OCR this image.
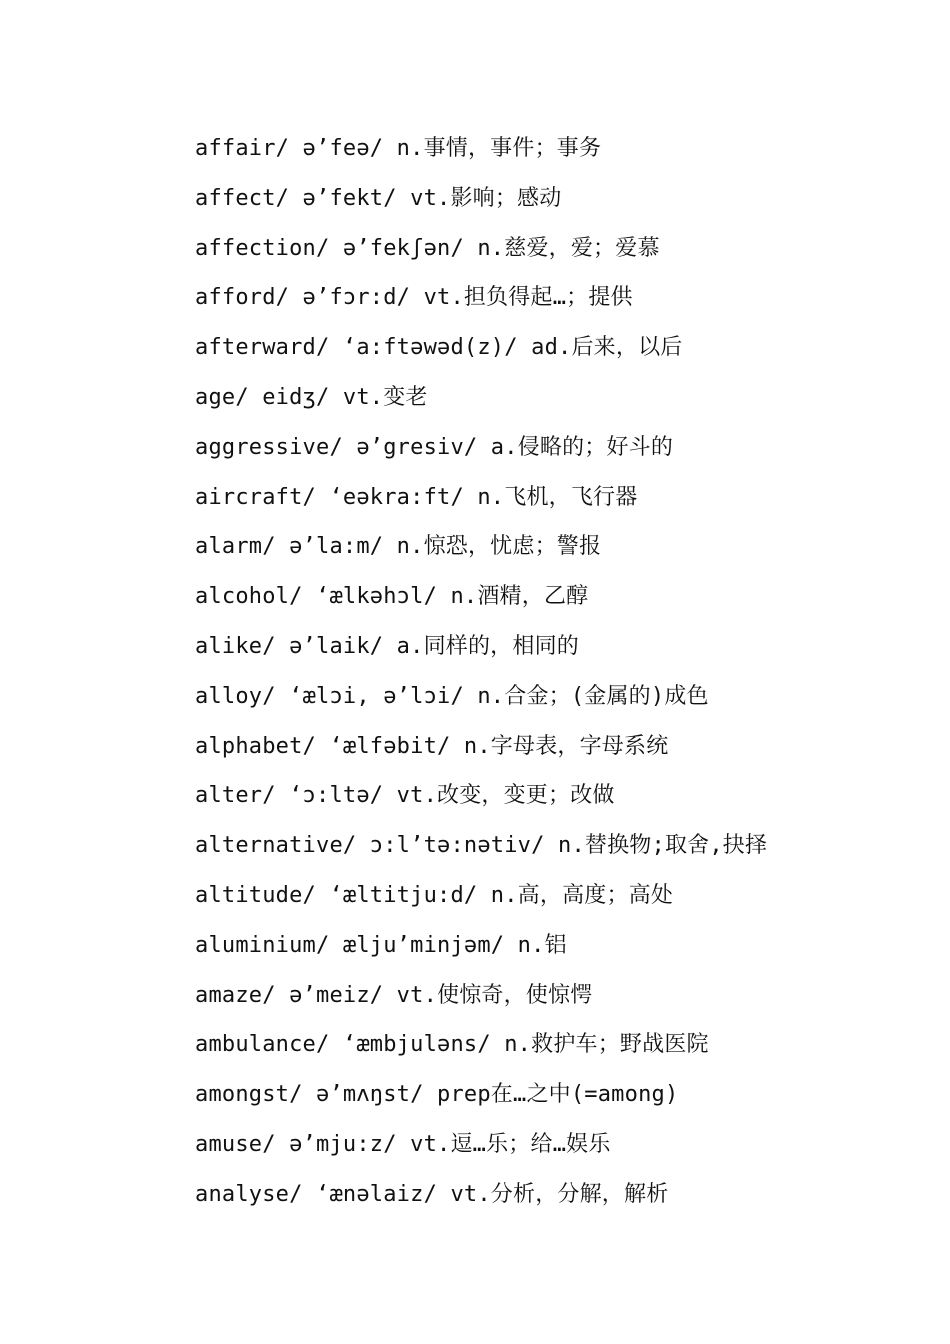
affair/ ə’feə/ n.事情，事件；事务
affect/ ə’fekt/ vt.影响；感动
affection/ ə’fekʃən/ n.慈爱，爱；爱慕
afford/ ə’fɔr:d/ vt.担负得起…；提供
afterward/ ‘a:ftəwəd(z)/ ad.后来，以后
age/ eidʒ/ vt.变老
aggressive/ ə’gresiv/ a.侵略的；好斗的
aircraft/ ‘eəkra:ft/ n.飞机，飞行器
alarm/ ə’la:m/ n.惊恐，忧虑；警报
alcohol/ ‘ælkəhɔl/ n.酒精，乙醇
alike/ ə’laik/ a.同样的，相同的
alloy/ ‘ælɔi, ə’lɔi/ n.合金；(金属的)成色
alphabet/ ‘ælfəbit/ n.字母表，字母系统
alter/ ‘ɔ:ltə/ vt.改变，变更；改做
alternative/ ɔ:l’tə:nətiv/ n.替换物;取舍,抉择
altitude/ ‘æltitju:d/ n.高，高度；高处
aluminium/ ælju’minjəm/ n.铝
amaze/ ə’meiz/ vt.使惊奇，使惊愕
ambulance/ ‘æmbjuləns/ n.救护车；野战医院
amongst/ ə’mʌŋst/ prep在…之中(=among)
amuse/ ə’mju:z/ vt.逗…乐；给…娱乐
analyse/ ‘ænəlaiz/ vt.分析，分解，解析
